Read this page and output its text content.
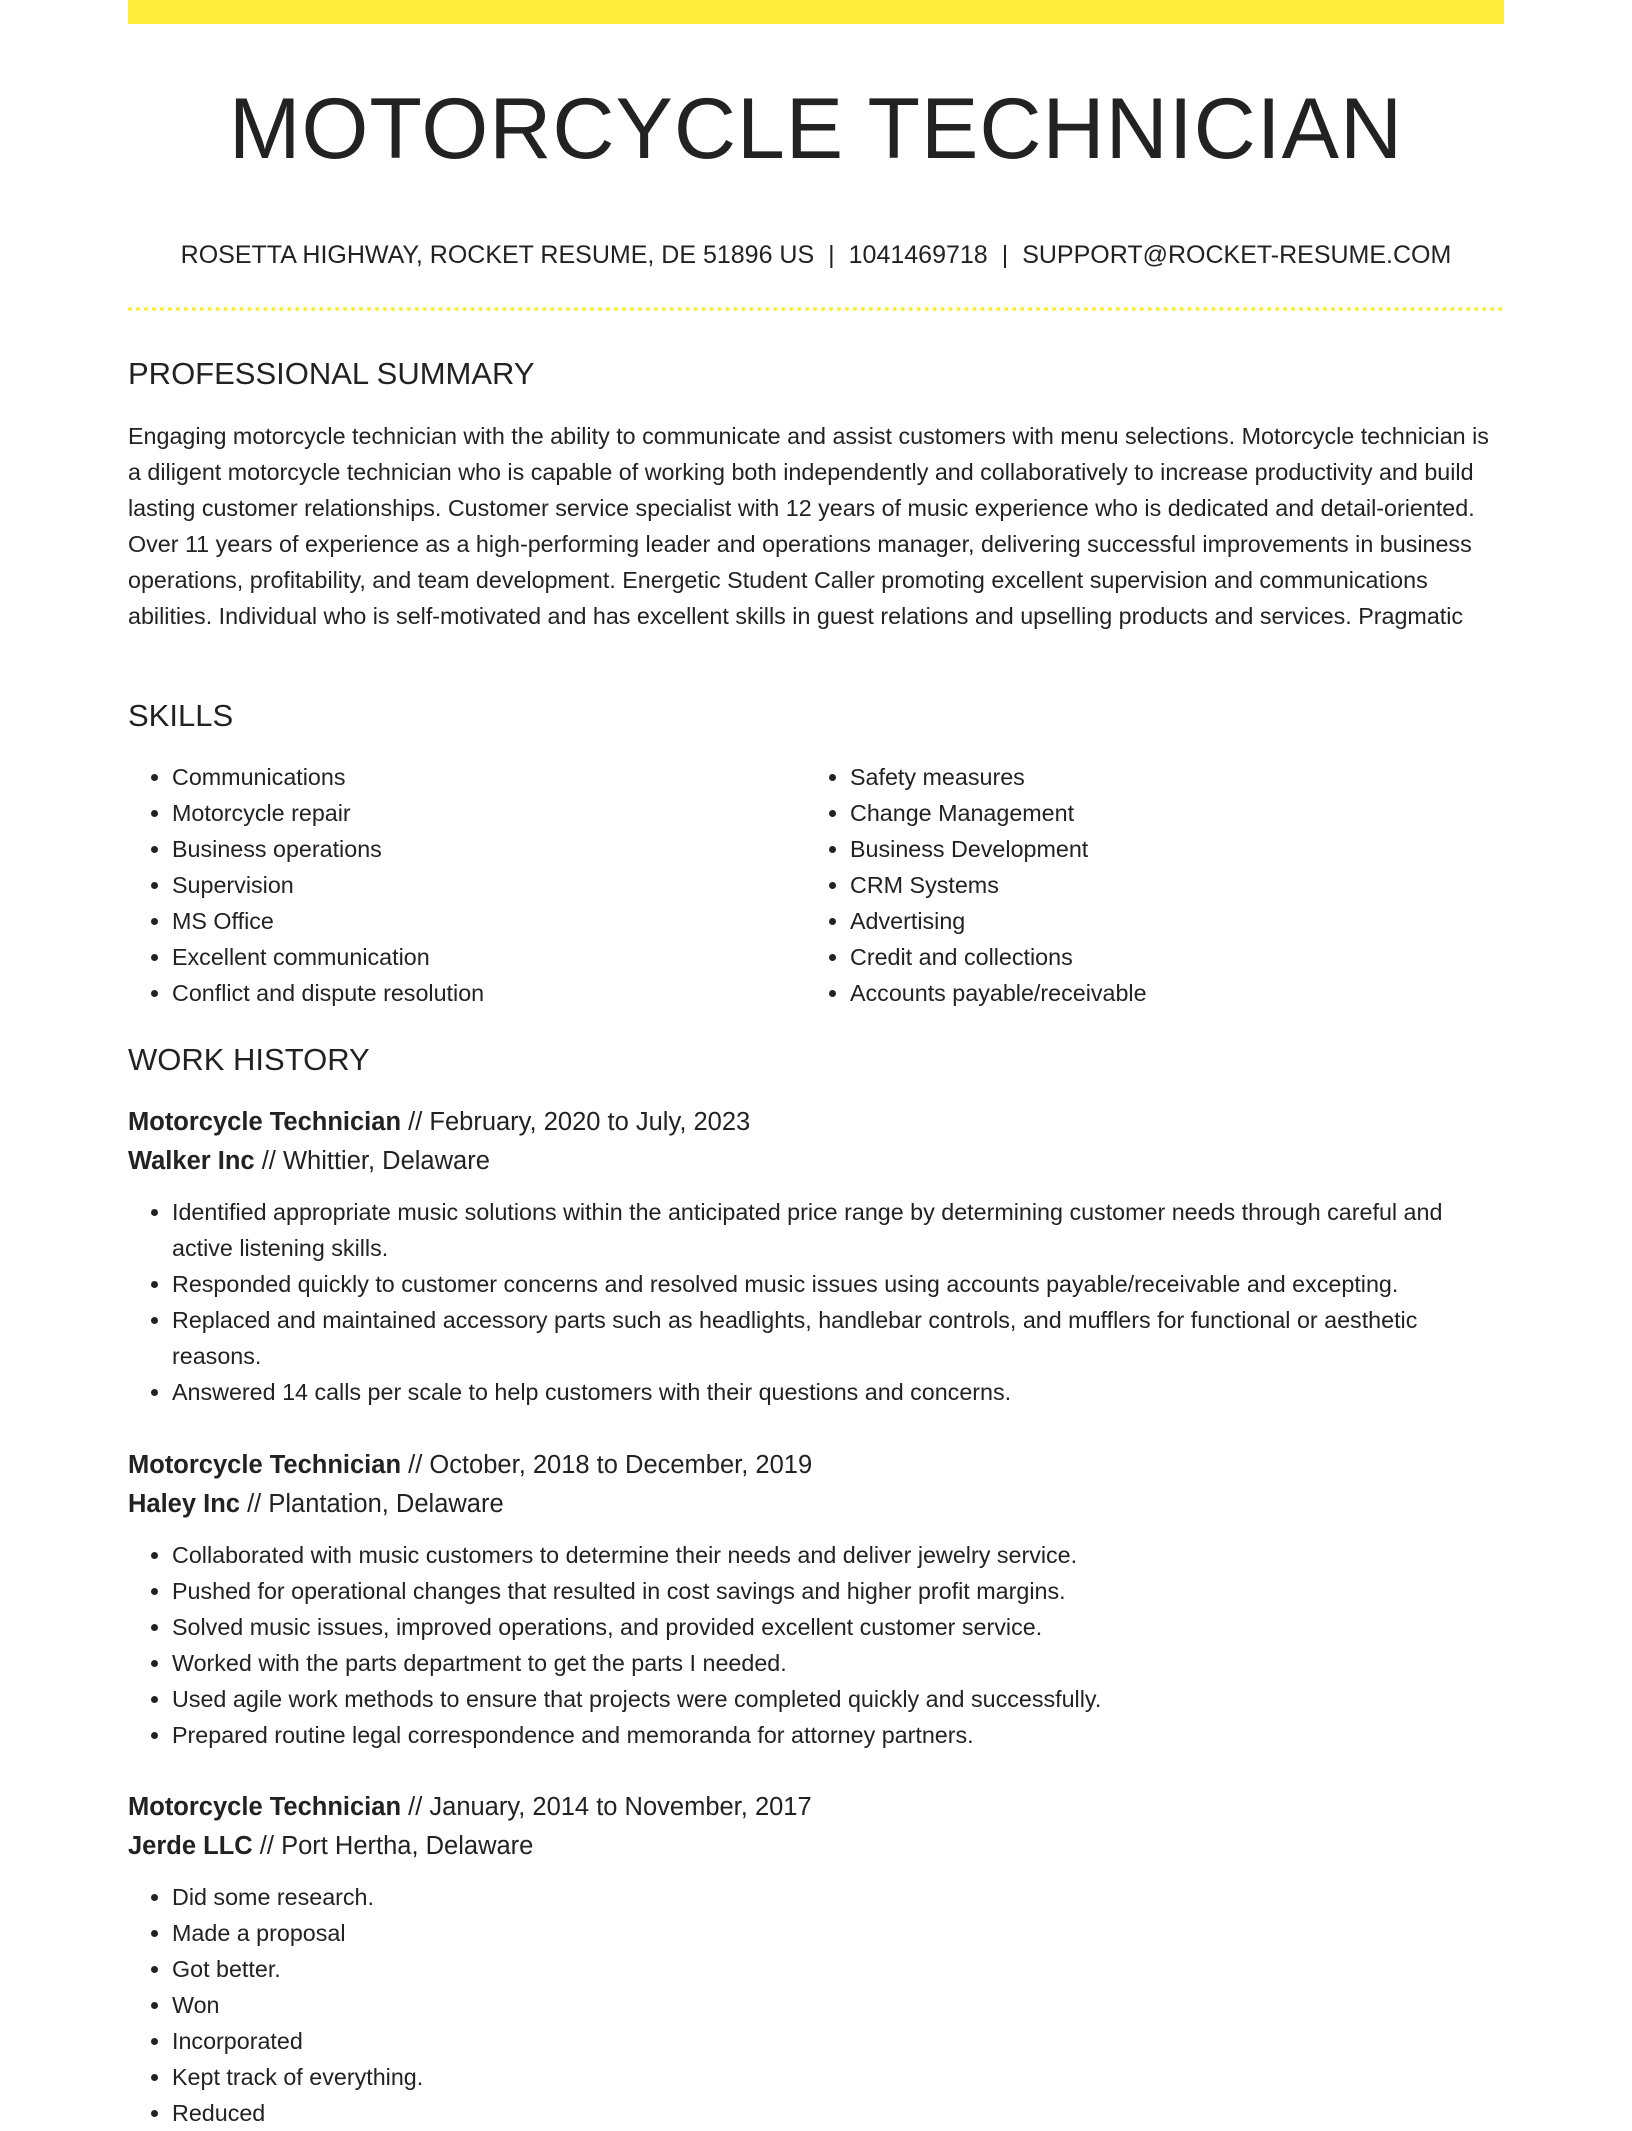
MOTORCYCLE TECHNICIAN
ROSETTA HIGHWAY, ROCKET RESUME, DE 51896 US | 1041469718 | SUPPORT@ROCKET-RESUME.COM
PROFESSIONAL SUMMARY

Engaging motorcycle technician with the ability to communicate and assist customers with menu selections. Motorcycle technician is a diligent motorcycle technician who is capable of working both independently and collaboratively to increase productivity and build lasting customer relationships. Customer service specialist with 12 years of music experience who is dedicated and detail-oriented. Over 11 years of experience as a high-performing leader and operations manager, delivering successful improvements in business operations, profitability, and team development. Energetic Student Caller promoting excellent supervision and communications abilities. Individual who is self-motivated and has excellent skills in guest relations and upselling products and services. Pragmatic

SKILLS
• Communications
• Motorcycle repair
• Business operations
• Supervision
• MS Office
• Excellent communication
• Conflict and dispute resolution
• Safety measures
• Change Management
• Business Development
• CRM Systems
• Advertising
• Credit and collections
• Accounts payable/receivable
WORK HISTORY
Motorcycle Technician // February, 2020 to July, 2023
Walker Inc // Whittier, Delaware
• Identified appropriate music solutions within the anticipated price range by determining customer needs through careful and active listening skills.
• Responded quickly to customer concerns and resolved music issues using accounts payable/receivable and excepting.
• Replaced and maintained accessory parts such as headlights, handlebar controls, and mufflers for functional or aesthetic reasons.
• Answered 14 calls per scale to help customers with their questions and concerns.
Motorcycle Technician // October, 2018 to December, 2019
Haley Inc // Plantation, Delaware
• Collaborated with music customers to determine their needs and deliver jewelry service.
• Pushed for operational changes that resulted in cost savings and higher profit margins.
• Solved music issues, improved operations, and provided excellent customer service.
• Worked with the parts department to get the parts I needed.
• Used agile work methods to ensure that projects were completed quickly and successfully.
• Prepared routine legal correspondence and memoranda for attorney partners.
Motorcycle Technician // January, 2014 to November, 2017
Jerde LLC // Port Hertha, Delaware
• Did some research.
• Made a proposal
• Got better.
• Won
• Incorporated
• Kept track of everything.
• Reduced
